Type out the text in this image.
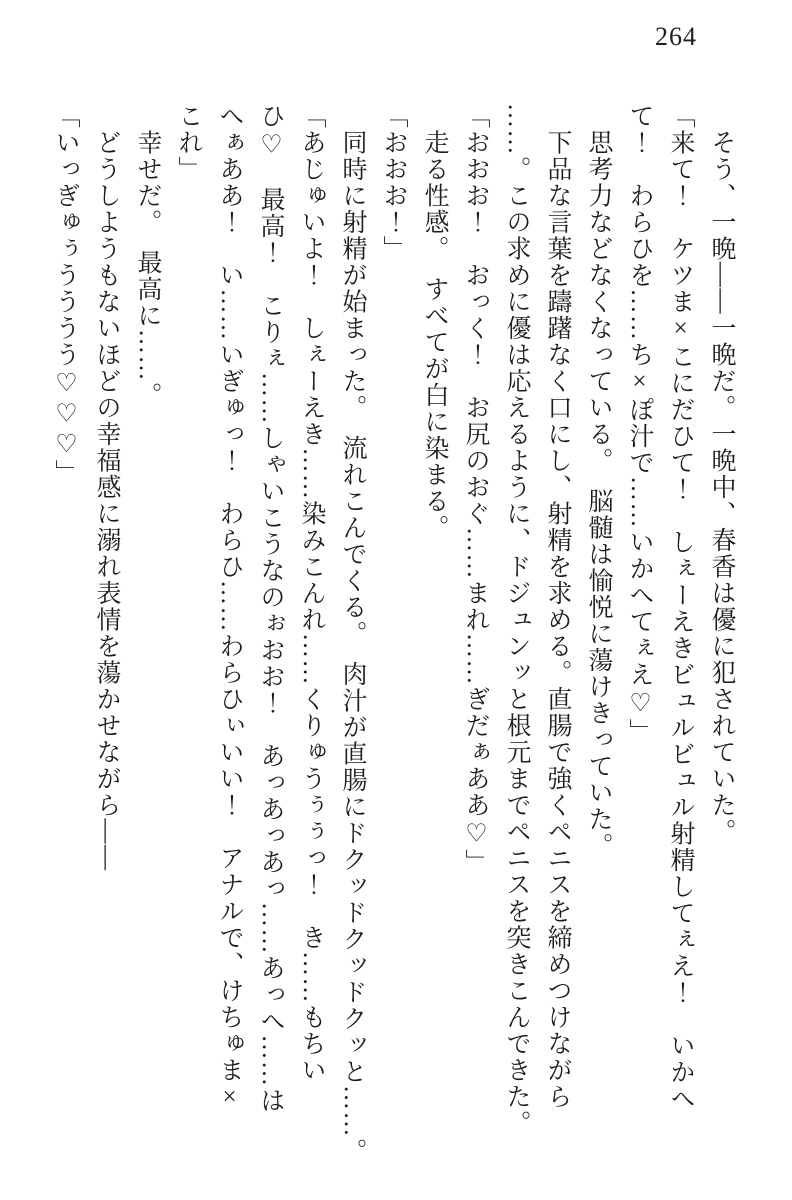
264
　そう、一晩——一晩だ。一晩中、春香は優に犯されていた。
「来て！　ケツま×こにだひて！　しぇーえきビュルビュル射精してぇえ！　いかへ
て！　わらひを……ち×ぽ汁で……いかへてぇえ♡」
　思考力などなくなっている。　脳髄は愉悦に蕩けきっていた。
　下品な言葉を躊躇なく口にし、射精を求める。直腸で強くペニスを締めつけながら
……。この求めに優は応えるように、ドジュンッと根元までペニスを突きこんできた。
「おおお！　おっく！　お尻のおぐ……まれ……ぎだぁああ♡」
　走る性感。　すべてが白に染まる。
「おおお！」
　同時に射精が始まった。　流れこんでくる。　肉汁が直腸にドクッドクッドクッと……。
「あじゅいよ！　しぇーえき……染みこんれ……くりゅうぅぅっ！　き……もちい
ひ♡　最高！　こりぇ……しゃいこうなのぉおお！　あっあっあっ……あっへ……は
へぁああ！　い……いぎゅっ！　わらひ……わらひぃいい！　アナルで、けちゅま×
これ」
　幸せだ。　最高に……。
　どうしようもないほどの幸福感に溺れ表情を蕩かせながら——
「いっぎゅぅうううう♡♡♡」
